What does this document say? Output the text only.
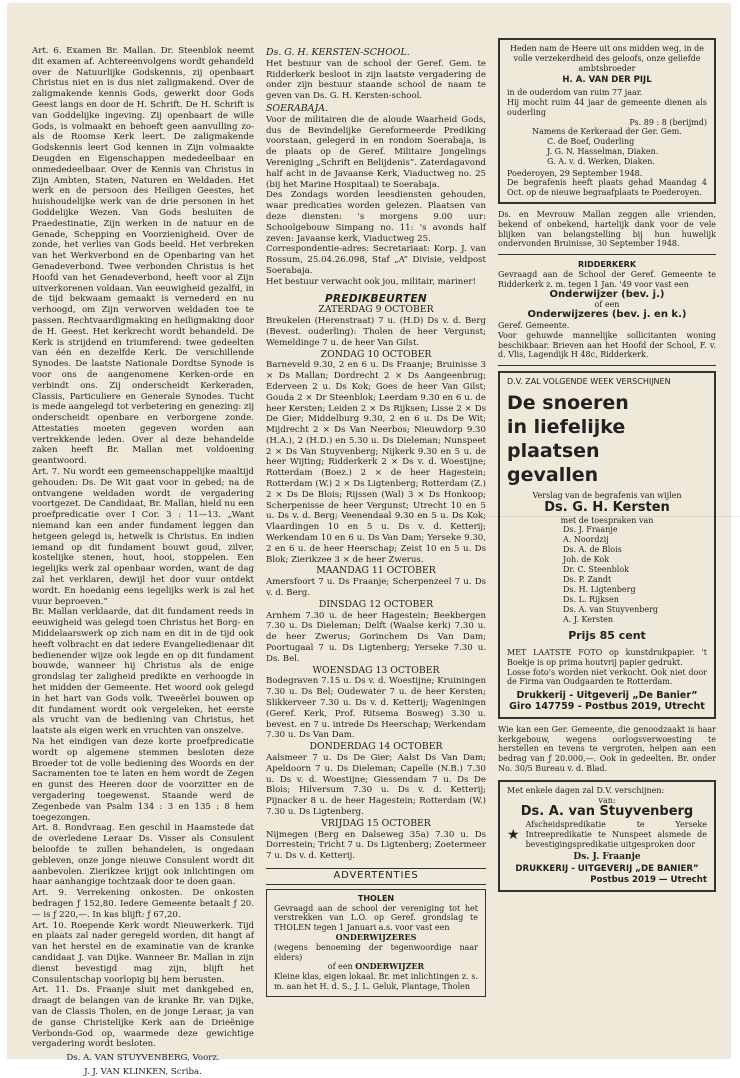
Art. 6. Examen Br. Mallan. Dr. Steenblok neemt dit examen af. Achtereenvolgens wordt gehandeld over de Natuurlijke Godskennis, zij openbaart Christus niet en is dus niet zaligmakend. Over de zaligmakende kennis Gods, gewerkt door Gods Geest langs en door de H. Schrift. De H. Schrift is van Goddelijke ingeving. Zij openbaart de wille Gods, is volmaakt en behoeft geen aanvulling zo-als de Roomse Kerk leert. De zaligmakende Godskennis leert God kennen in Zijn volmaakte Deugden en Eigenschappen mededeelbaar en onmededeelbaar. Over de Kennis van Christus in Zijn Ambten, Staten, Naturen en Weldaden. Het werk en de persoon des Heiligen Geestes, het huishoudelijke werk van de drie personen in het Goddelijke Wezen. Van Gods besluiten de Praedestinatie, Zijn werken in de natuur en de Genade, Schepping en Voorzienigheid. Over de zonde, het verlies van Gods beeld. Het verbreken van het Werkverbond en de Openbaring van het Genadeverbond. Twee verbonden Christus is het Hoofd van het Genadeverbond, heeft voor al Zijn uitverkorenen voldaan. Van eeuwigheid gezalfd, in de tijd bekwaam gemaakt is vernederd en nu verhoogd, om Zijn verworven weldaden toe te passen. Rechtvaardigmaking en heiligmaking door de H. Geest. Het kerkrecht wordt behandeld. De Kerk is strijdend en triumferend: twee gedeelten van één en dezelfde Kerk. De verschillende Synodes. De laatste Nationale Dordtse Synode is voor ons de aangenomene Kerken-orde en verbindt ons. Zij onderscheidt Kerkeraden, Classis, Particuliere en Generale Synodes. Tucht is mede aangelegd tot verbetering en genezing: zij onderscheidt openbare en verborgene zonde. Attestaties moeten gegeven worden aan vertrekkende leden. Over al deze behandelde zaken heeft Br. Mallan met voldoening geantwoord.

Art. 7. Nu wordt een gemeenschappelijke maaltijd gehouden: Ds. De Wit gaat voor in gebed; na de ontvangene weldaden wordt de vergadering voortgezet. De Candidaat, Br. Mallan, hield nu een proefpredicatie over I Cor. 3 : 11—13. „Want niemand kan een ander fundament leggen dan hetgeen gelegd is, hetwelk is Christus. En indien iemand op dit fundament bouwt goud, zilver, kostelijke stenen, hout, hooi, stoppelen. Een iegelijks werk zal openbaar worden, want de dag zal het verklaren, dewijl het door vuur ontdekt wordt. En hoedanig eens iegelijks werk is zal het vuur beproeven.”

Br. Mallan verklaarde, dat dit fundament reeds in eeuwigheid was gelegd toen Christus het Borg- en Middelaarswerk op zich nam en dit in de tijd ook heeft volbracht en dat iedere Evangeliedienaar dit bedienender wijze ook legde en op dit fundament bouwde, wanneer hij Christus als de enige grondslag ter zaligheid predikte en verhoogde in het midden der Gemeente. Het woord ook gelegd in het hart van Gods volk. Tweeërlei bouwen op dit fundament wordt ook vergeleken, het eerste als vrucht van de bediening van Christus, het laatste als eigen werk en vruchten van onszelve.

Na het eindigen van deze korte proefpredicatie wordt op algemene stemmen besloten deze Broeder tot de volle bediening des Woords en der Sacramenten toe te laten en hem wordt de Zegen en gunst des Heeren door de voorzitter en de vergadering toegewenst. Staande werd de Zegenbede van Psalm 134 : 3 en 135 : 8 hem toegezongen.

Art. 8. Rondvraag. Een geschil in Haamstede dat de overledene Leraar Ds. Visser als Consulent beloofde te zullen behandelen, is ongedaan gebleven, onze jonge nieuwe Consulent wordt dit aanbevolen. Zierikzee krijgt ook inlichtingen om haar aanhangige tochtzaak door te doen gaan.

Art. 9. Verrekening onkosten. De onkosten bedragen ƒ 152,80. Iedere Gemeente betaalt ƒ 20.— is ƒ 220,—. In kas blijft: ƒ 67,20.

Art. 10. Roepende Kerk wordt Nieuwerkerk. Tijd en plaats zal nader geregeld worden, dit hangt af van het herstel en de examinatie van de kranke candidaat J. van Dijke. Wanneer Br. Mallan in zijn dienst bevestigd mag zijn, blijft het Consulentschap voorlopig bij hem berusten.

Art. 11. Ds. Fraanje sluit met dankgebed en, draagt de belangen van de kranke Br. van Dijke, van de Classis Tholen, en de jonge Leraar, ja van de ganse Christelijke Kerk aan de Drieënige Verbonds-God op, waarmede deze gewichtige vergadering wordt besloten.

Ds. A. VAN STUYVENBERG, Voorz.

J. J. VAN KLINKEN, Scriba.

Ds. G. H. KERSTEN-SCHOOL.

Het bestuur van de school der Geref. Gem. te Ridderkerk besloot in zijn laatste vergadering de onder zijn bestuur staande school de naam te geven van Ds. G. H. Kersten-school.

SOERABAJA.

Voor de militairen die de aloude Waarheid Gods, dus de Bevindelijke Gereformeerde Prediking voorstaan, gelegerd in en rondom Soerabaja, is de plaats op de Geref. Militaire Jongelings Vereniging „Schrift en Belijdenis”. Zaterdagavond half acht in de Javaanse Kerk, Viaductweg no. 25 (bij het Marine Hospitaal) te Soerabaja.

Des Zondags worden leesdiensten gehouden, waar predicaties worden gelezen. Plaatsen van deze diensten: 's morgens 9.00 uur: Schoolgebouw Simpang no. 11: 's avonds half zeven: Javaanse kerk, Viaductweg 25.

Correspondentie-adres: Secretariaat: Korp. J. van Rossum, 25.04.26.098, Staf „A” Divisie, veldpost Soerabaja.

Het bestuur verwacht ook jou, militair, mariner!

PREDIKBEURTEN

ZATERDAG 9 OCTOBER

Breukelen (Herenstraat) 7 u. (H.D) Ds v. d. Berg (Bevest. ouderling): Tholen de heer Vergunst; Wemeldinge 7 u. de heer Van Gilst.

ZONDAG 10 OCTOBER

Barneveld 9.30, 2 en 6 u. Ds Fraanje; Bruinisse 3 × Ds Mallan; Dordrecht 2 × Ds Aangeenbrug; Ederveen 2 u. Ds Kok; Goes de heer Van Gilst; Gouda 2 × Dr Steenblok; Leerdam 9.30 en 6 u. de heer Kersten; Leiden 2 × Ds Rijksen; Lisse 2 × Ds De Gier; Middelburg 9.30, 2 en 6 u. Ds De Wit; Mijdrecht 2 × Ds Van Neerbos; Nieuwdorp 9.30 (H.A.), 2 (H.D.) en 5.30 u. Ds Dieleman; Nunspeet 2 × Ds Van Stuyvenberg; Nijkerk 9.30 en 5 u. de heer Wijting; Ridderkerk 2 × Ds v. d. Woestijne; Rotterdam (Boez.) 2 × de heer Hagestein; Rotterdam (W.) 2 × Ds Ligtenberg; Rotterdam (Z.) 2 × Ds De Blois; Rijssen (Wal) 3 × Ds Honkoop; Scherpenisse de heer Vergunst; Utrecht 10 en 5 u. Ds v. d. Berg; Veenendaal 9.30 en 5 u. Ds Kok; Vlaardingen 10 en 5 u. Ds v. d. Ketterij; Werkendam 10 en 6 u. Ds Van Dam; Yerseke 9.30, 2 en 6 u. de heer Heerschap; Zeist 10 en 5 u. Ds Blok; Zierikzee 3 × de heer Zwerus.

MAANDAG 11 OCTOBER

Amersfoort 7 u. Ds Fraanje; Scherpenzeel 7 u. Ds v. d. Berg.

DINSDAG 12 OCTOBER

Arnhem 7.30 u. de heer Hagestein; Beekbergen 7.30 u. Ds Dieleman; Delft (Waalse kerk) 7.30 u. de heer Zwerus; Gorinchem Ds Van Dam; Poortugaal 7 u. Ds Ligtenberg; Yerseke 7.30 u. Ds. Bel.

WOENSDAG 13 OCTOBER

Bodegraven 7.15 u. Ds v. d. Woestijne; Kruiningen 7.30 u. Ds Bel; Oudewater 7 u. de heer Kersten; Slikkerveer 7.30 u. Ds v. d. Ketterij; Wageningen (Geref. Kerk, Prof. Ritsema Bosweg) 3.30 u. bevest. en 7 u. intrede Ds Heerschap; Werkendam 7.30 u. Ds Van Dam.

DONDERDAG 14 OCTOBER

Aalsmeer 7 u. Ds De Gier; Aalst Ds Van Dam; Apeldoorn 7 u. Ds Dieleman; Capelle (N.B.) 7.30 u. Ds v. d. Woestijne; Giessendam 7 u. Ds De Blois; Hilversum 7.30 u. Ds v. d. Ketterij; Pijnacker 8 u. de heer Hagestein; Rotterdam (W.) 7.30 u. Ds Ligtenberg.

VRIJDAG 15 OCTOBER

Nijmegen (Berg en Dalseweg 35a) 7.30 u. Ds Dorrestein; Tricht 7 u. Ds Ligtenberg; Zoetermeer 7 u. Ds v. d. Ketterij.

ADVERTENTIES
THOLEN
Gevraagd aan de school der vereniging tot het verstrekken van L.O. op Geref. grondslag te THOLEN tegen 1 Januari a.s. voor vast een
ONDERWIJZERES
(wegens benoeming der tegenwoordige naar elders)
of een ONDERWIJZER
Kleine klas, eigen lokaal. Br. met inlichtingen z. s. m. aan het H. d. S., J. L. Geluk, Plantage, Tholen
Heden nam de Heere uit ons midden weg, in de volle verzekerdheid des geloofs, onze geliefde ambtsbroeder
H. A. VAN DER PIJL
in de ouderdom van ruim 77 jaar.
Hij mocht ruim 44 jaar de gemeente dienen als ouderling
Ps. 89 : 8 (berijmd)
Namens de Kerkeraad der Ger. Gem.
C. de Boef, Ouderling
J. G. N. Hasselman, Diaken.
G. A. v. d. Werken, Diaken.
Poederoyen, 29 September 1948.
De begrafenis heeft plaats gehad Maandag 4 Oct. op de nieuwe begraafplaats te Poederoyen.
Ds. en Mevrouw Mallan zeggen alle vrienden, bekend of onbekend, hartelijk dank voor de vele blijken van belangstelling bij hun huwelijk ondervonden Bruinisse, 30 September 1948.
RIDDERKERK
Gevraagd aan de School der Geref. Gemeente te Ridderkerk z. m. tegen 1 Jan. '49 voor vast een
Onderwijzer (bev. j.)
of een
Onderwijzeres (bev. j. en k.)
Geref. Gemeente.
Voor gehuwde mannelijke sollicitanten woning beschikbaar. Brieven aan het Hoofd der School, F. v. d. Vlis, Lagendijk H 48c, Ridderkerk.
D.V. ZAL VOLGENDE WEEK VERSCHIJNEN
De snoeren
in liefelijke plaatsen
gevallen
Verslag van de begrafenis van wijlen
Ds. G. H. Kersten
met de toespraken van
Ds. J. Fraanje
A. Noordzij
Ds. A. de Blois
Joh. de Kok
Dr. C. Steenblok
Ds. P. Zandt
Ds. H. Ligtenberg
Ds. L. Rijksen
Ds. A. van Stuyvenberg
A. J. Kersten
Prijs 85 cent
MET LAATSTE FOTO op kunstdrukpapier. 't Boekje is op prima houtvrij papier gedrukt.
Losse foto's worden niet verkocht. Ook niet door de Firma van Oudgaarden te Rotterdam.
Drukkerij - Uitgeverij „De Banier”
Giro 147759 - Postbus 2019, Utrecht
Wie kan een Ger. Gemeente, die genoodzaakt is haar kerkgebouw, wegens oorlogsverwoesting te herstellen en tevens te vergroten, helpen aan een bedrag van ƒ 20.000,—. Ook in gedeelten. Br. onder No. 30/5 Bureau v. d. Blad.
Met enkele dagen zal D.V. verschijnen:
van:
Ds. A. van Stuyvenberg
★
Afscheidspredikatie te Yerseke Intreepredikatie te Nunspeet alsmede de bevestigingspredikatie uitgesproken door
Ds. J. Fraanje
DRUKKERIJ - UITGEVERIJ „DE BANIER”
Postbus 2019 — Utrecht
